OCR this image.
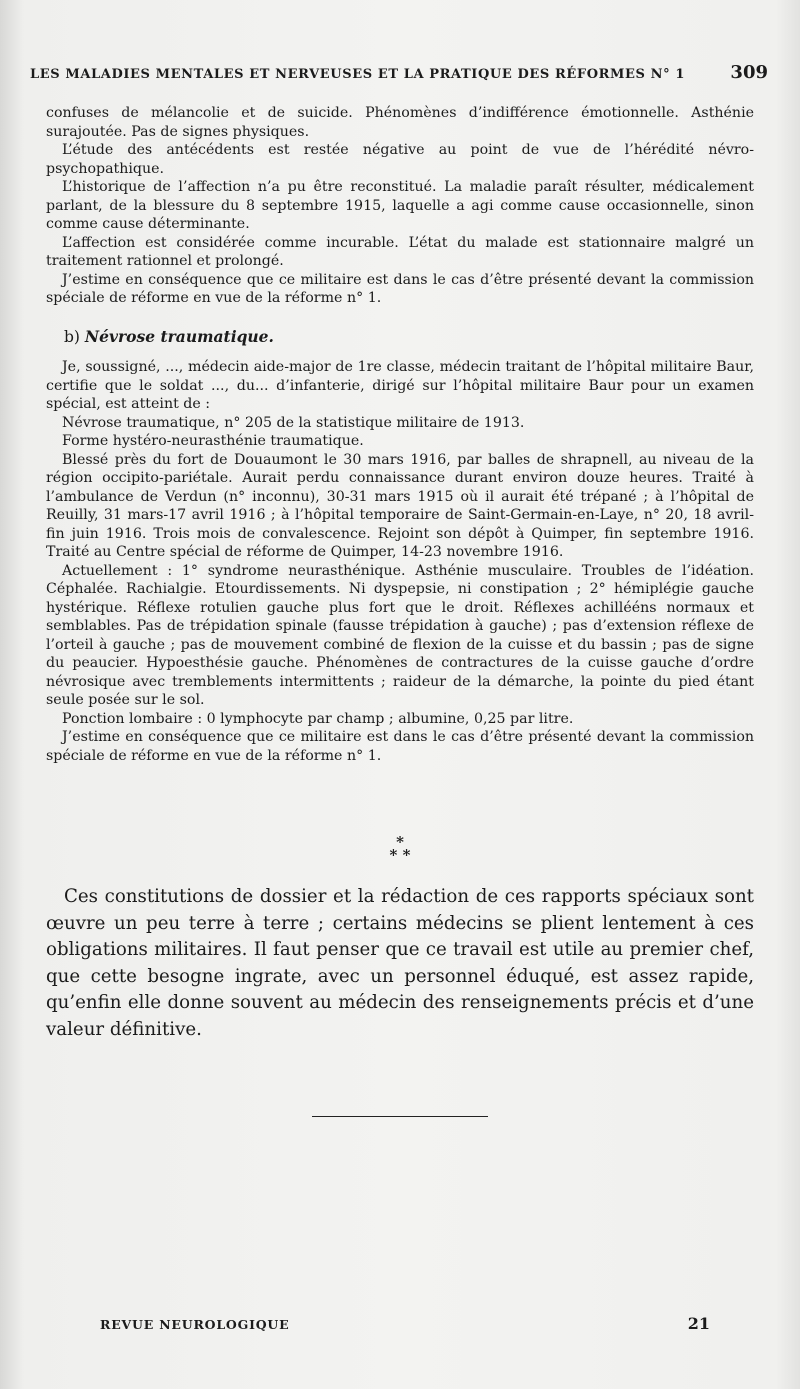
LES MALADIES MENTALES ET NERVEUSES ET LA PRATIQUE DES RÉFORMES N° 1	309

confuses de mélancolie et de suicide. Phénomènes d’indifférence émotionnelle. Asthénie surajoutée. Pas de signes physiques.

L’étude des antécédents est restée négative au point de vue de l’hérédité névro-psychopathique.

L’historique de l’affection n’a pu être reconstitué. La maladie paraît résulter, médicalement parlant, de la blessure du 8 septembre 1915, laquelle a agi comme cause occasionnelle, sinon comme cause déterminante.

L’affection est considérée comme incurable. L’état du malade est stationnaire malgré un traitement rationnel et prolongé.

J’estime en conséquence que ce militaire est dans le cas d’être présenté devant la commission spéciale de réforme en vue de la réforme n° 1.

b) Névrose traumatique.

Je, soussigné, ..., médecin aide-major de 1re classe, médecin traitant de l’hôpital militaire Baur, certifie que le soldat ..., du... d’infanterie, dirigé sur l’hôpital militaire Baur pour un examen spécial, est atteint de :

Névrose traumatique, n° 205 de la statistique militaire de 1913.

Forme hystéro-neurasthénie traumatique.

Blessé près du fort de Douaumont le 30 mars 1916, par balles de shrapnell, au niveau de la région occipito-pariétale. Aurait perdu connaissance durant environ douze heures. Traité à l’ambulance de Verdun (n° inconnu), 30-31 mars 1915 où il aurait été trépané ; à l’hôpital de Reuilly, 31 mars-17 avril 1916 ; à l’hôpital temporaire de Saint-Germain-en-Laye, n° 20, 18 avril-fin juin 1916. Trois mois de convalescence. Rejoint son dépôt à Quimper, fin septembre 1916. Traité au Centre spécial de réforme de Quimper, 14-23 novembre 1916.

Actuellement : 1° syndrome neurasthénique. Asthénie musculaire. Troubles de l’idéation. Céphalée. Rachialgie. Etourdissements. Ni dyspepsie, ni constipation ; 2° hémiplégie gauche hystérique. Réflexe rotulien gauche plus fort que le droit. Réflexes achillééns normaux et semblables. Pas de trépidation spinale (fausse trépidation à gauche) ; pas d’extension réflexe de l’orteil à gauche ; pas de mouvement combiné de flexion de la cuisse et du bassin ; pas de signe du peaucier. Hypoesthésie gauche. Phénomènes de contractures de la cuisse gauche d’ordre névrosique avec tremblements intermittents ; raideur de la démarche, la pointe du pied étant seule posée sur le sol.

Ponction lombaire : 0 lymphocyte par champ ; albumine, 0,25 par litre.

J’estime en conséquence que ce militaire est dans le cas d’être présenté devant la commission spéciale de réforme en vue de la réforme n° 1.

*
* *

Ces constitutions de dossier et la rédaction de ces rapports spéciaux sont œuvre un peu terre à terre ; certains médecins se plient lentement à ces obligations militaires. Il faut penser que ce travail est utile au premier chef, que cette besogne ingrate, avec un personnel éduqué, est assez rapide, qu’enfin elle donne souvent au médecin des renseignements précis et d’une valeur définitive.

REVUE NEUROLOGIQUE	21
